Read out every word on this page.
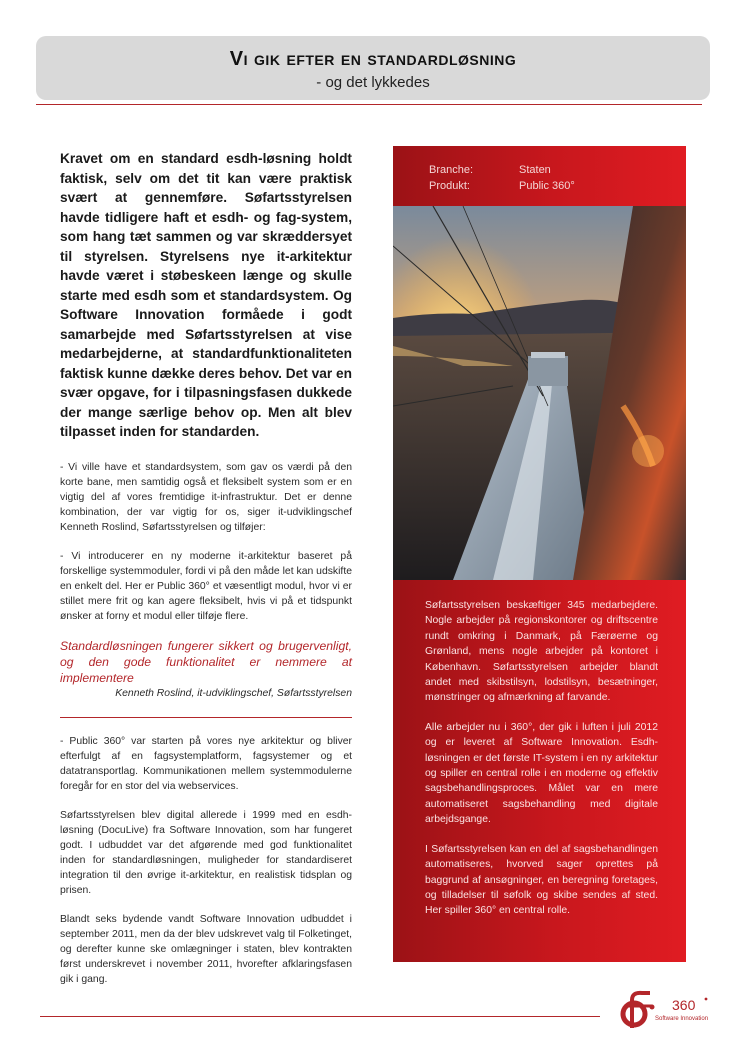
Vi gik efter en standardløsning
- og det lykkedes

Kravet om en standard esdh-løsning holdt faktisk, selv om det tit kan være praktisk svært at gennemføre. Søfartsstyrelsen havde tidligere haft et esdh- og fag-system, som hang tæt sammen og var skræddersyet til styrelsen. Styrelsens nye it-arkitektur havde været i støbeskeen længe og skulle starte med esdh som et standardsystem. Og Software Innovation formåede i godt samarbejde med Søfartsstyrelsen at vise medarbejderne, at standardfunktionaliteten faktisk kunne dække deres behov. Det var en svær opgave, for i tilpasningsfasen dukkede der mange særlige behov op. Men alt blev tilpasset inden for standarden.

- Vi ville have et standardsystem, som gav os værdi på den korte bane, men samtidig også et fleksibelt system som er en vigtig del af vores fremtidige it-infrastruktur. Det er denne kombination, der var vigtig for os, siger it-udviklingschef Kenneth Roslind, Søfartsstyrelsen og tilføjer:

- Vi introducerer en ny moderne it-arkitektur baseret på forskellige systemmoduler, fordi vi på den måde let kan udskifte en enkelt del. Her er Public 360° et væsentligt modul, hvor vi er stillet mere frit og kan agere fleksibelt, hvis vi på et tidspunkt ønsker at forny et modul eller tilføje flere.

Standardløsningen fungerer sikkert og brugervenligt, og den gode funktionalitet er nemmere at implementere

Kenneth Roslind, it-udviklingschef, Søfartsstyrelsen

- Public 360° var starten på vores nye arkitektur og bliver efterfulgt af en fagsystemplatform, fagsystemer og et datatransportlag. Kommunikationen mellem systemmodulerne foregår for en stor del via webservices.

Søfartsstyrelsen blev digital allerede i 1999 med en esdh-løsning (DocuLive) fra Software Innovation, som har fungeret godt. I udbuddet var det afgørende med god funktionalitet inden for standardløsningen, muligheder for standardiseret integration til den øvrige it-arkitektur, en realistisk tidsplan og prisen.

Blandt seks bydende vandt Software Innovation udbuddet i september 2011, men da der blev udskrevet valg til Folketinget, og derefter kunne ske omlægninger i staten, blev kontrakten først underskrevet i november 2011, hvorefter afklaringsfasen gik i gang.

Branche:	Staten
Produkt:	Public 360°

Søfartsstyrelsen beskæftiger 345 medarbejdere. Nogle arbejder på regionskontorer og driftscentre rundt omkring i Danmark, på Færøerne og Grønland, mens nogle arbejder på kontoret i København. Søfartsstyrelsen arbejder blandt andet med skibstilsyn, lodstilsyn, besætninger, mønstringer og afmærkning af farvande.

Alle arbejder nu i 360°, der gik i luften i juli 2012 og er leveret af Software Innovation. Esdh-løsningen er det første IT-system i en ny arkitektur og spiller en central rolle i en moderne og effektiv sagsbehandlingsproces. Målet var en mere automatiseret sagsbehandling med digitale arbejdsgange.

I Søfartsstyrelsen kan en del af sagsbehandlingen automatiseres, hvorved sager oprettes på baggrund af ansøgninger, en beregning foretages, og tilladelser til søfolk og skibe sendes af sted. Her spiller 360° en central rolle.

360
Software Innovation
